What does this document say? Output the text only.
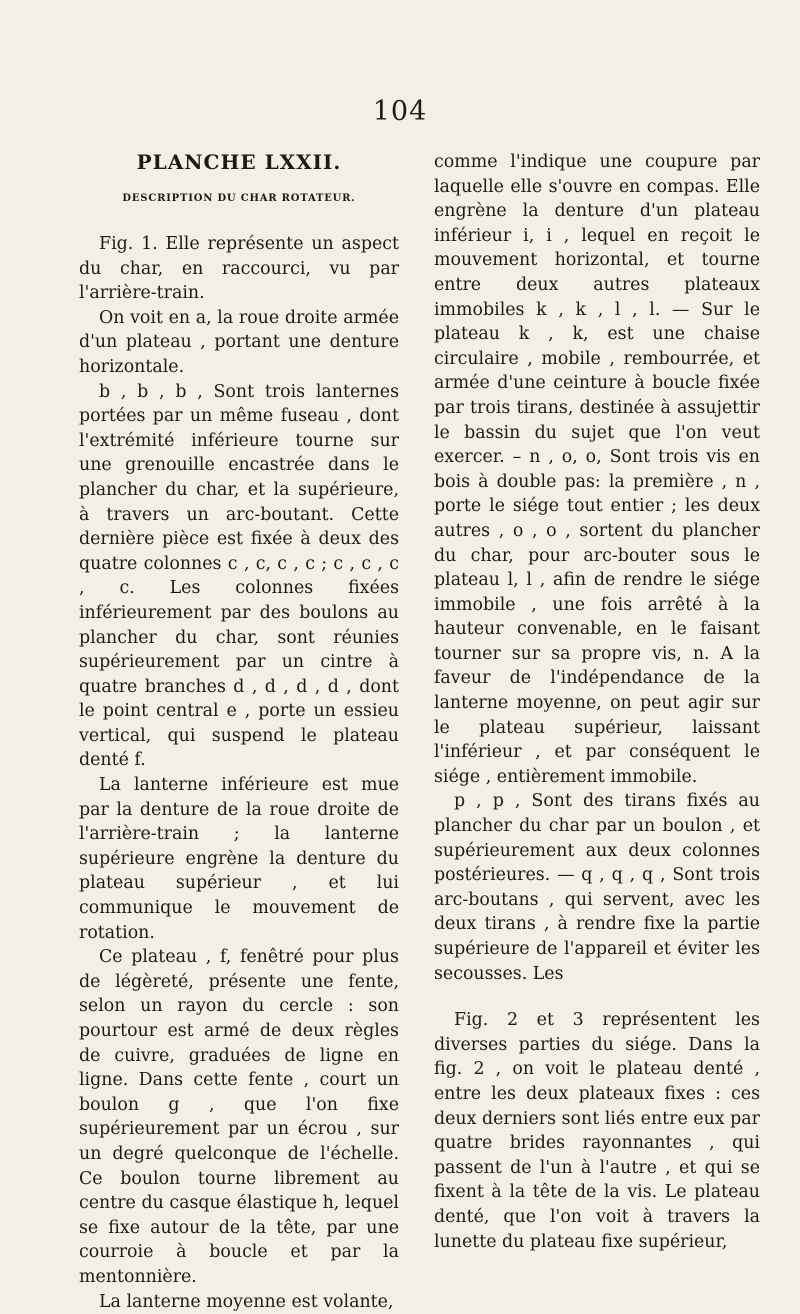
104
PLANCHE LXXII.
DESCRIPTION DU CHAR ROTATEUR.

Fig. 1. Elle représente un aspect du char, en raccourci, vu par l'arrière-train.

On voit en a, la roue droite armée d'un plateau , portant une denture horizontale.

b , b , b , Sont trois lanternes portées par un même fuseau , dont l'extrémité inférieure tourne sur une grenouille encastrée dans le plancher du char, et la supérieure, à travers un arc-boutant. Cette dernière pièce est fixée à deux des quatre colonnes c , c, c , c ; c , c , c , c. Les colonnes fixées inférieurement par des boulons au plancher du char, sont réunies supérieurement par un cintre à quatre branches d , d , d , d , dont le point central e , porte un essieu vertical, qui suspend le plateau denté f.

La lanterne inférieure est mue par la denture de la roue droite de l'arrière-train ; la lanterne supérieure engrène la denture du plateau supérieur , et lui communique le mouvement de rotation.

Ce plateau , f, fenêtré pour plus de légèreté, présente une fente, selon un rayon du cercle : son pourtour est armé de deux règles de cuivre, graduées de ligne en ligne. Dans cette fente , court un boulon g , que l'on fixe supérieurement par un écrou , sur un degré quelconque de l'échelle. Ce boulon tourne librement au centre du casque élastique h, lequel se fixe autour de la tête, par une courroie à boucle et par la mentonnière.

La lanterne moyenne est volante,

comme l'indique une coupure par laquelle elle s'ouvre en compas. Elle engrène la denture d'un plateau inférieur i, i , lequel en reçoit le mouvement horizontal, et tourne entre deux autres plateaux immobiles k , k , l , l. — Sur le plateau k , k, est une chaise circulaire , mobile , rembourrée, et armée d'une ceinture à boucle fixée par trois tirans, destinée à assujettir le bassin du sujet que l'on veut exercer. – n , o, o, Sont trois vis en bois à double pas: la première , n , porte le siége tout entier ; les deux autres , o , o , sortent du plancher du char, pour arc-bouter sous le plateau l, l , afin de rendre le siége immobile , une fois arrêté à la hauteur convenable, en le faisant tourner sur sa propre vis, n. A la faveur de l'indépendance de la lanterne moyenne, on peut agir sur le plateau supérieur, laissant l'inférieur , et par conséquent le siége , entièrement immobile.

p , p , Sont des tirans fixés au plancher du char par un boulon , et supérieurement aux deux colonnes postérieures. — q , q , q , Sont trois arc-boutans , qui servent, avec les deux tirans , à rendre fixe la partie supérieure de l'appareil et éviter les secousses. Les

Fig. 2 et 3 représentent les diverses parties du siége. Dans la fig. 2 , on voit le plateau denté , entre les deux plateaux fixes : ces deux derniers sont liés entre eux par quatre brides rayonnantes , qui passent de l'un à l'autre , et qui se fixent à la tête de la vis. Le plateau denté, que l'on voit à travers la lunette du plateau fixe supérieur,
